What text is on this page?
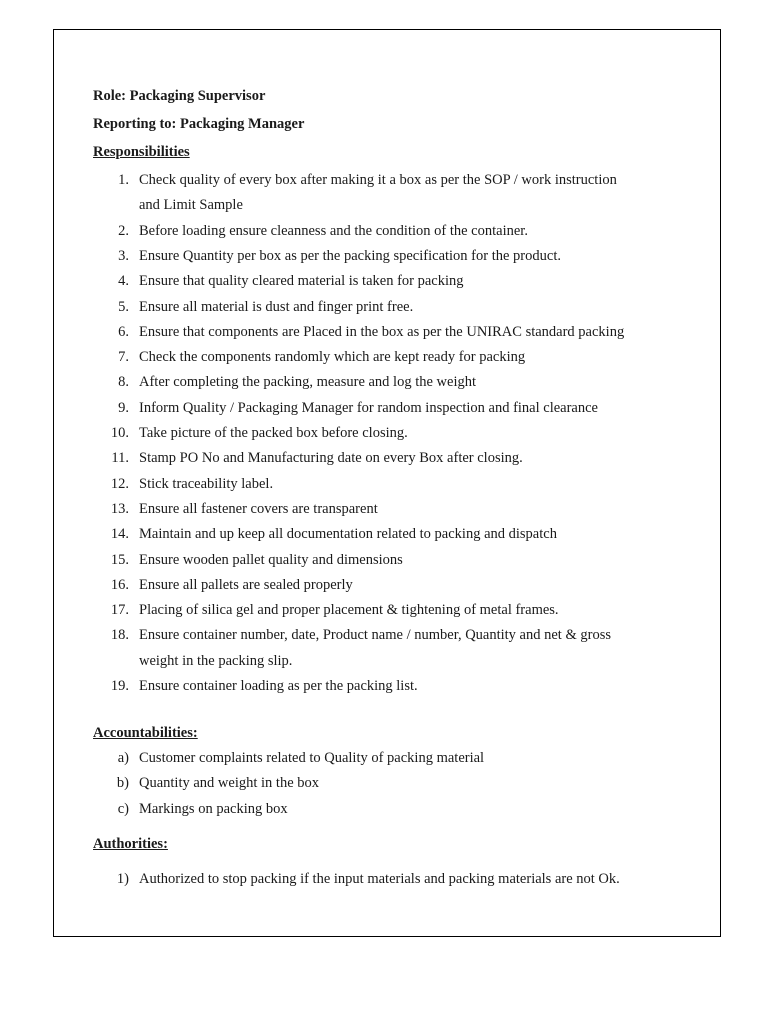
Role: Packaging Supervisor
Reporting to: Packaging Manager
Responsibilities
1. Check quality of every box after making it a box as per the SOP / work instruction
and Limit Sample
2. Before loading ensure cleanness and the condition of the container.
3. Ensure Quantity per box as per the packing specification for the product.
4. Ensure that quality cleared material is taken for packing
5. Ensure all material is dust and finger print free.
6. Ensure that components are Placed in the box as per the UNIRAC standard packing
7. Check the components randomly which are kept ready for packing
8. After completing the packing, measure and log the weight
9. Inform Quality / Packaging Manager for random inspection and final clearance
10. Take picture of the packed box before closing.
11. Stamp PO No and Manufacturing date on every Box after closing.
12. Stick traceability label.
13. Ensure all fastener covers are transparent
14. Maintain and up keep all documentation related to packing and dispatch
15. Ensure wooden pallet quality and dimensions
16. Ensure all pallets are sealed properly
17. Placing of silica gel and proper placement & tightening of metal frames.
18. Ensure container number, date, Product name / number, Quantity and net & gross
weight in the packing slip.
19. Ensure container loading as per the packing list.
Accountabilities:
a) Customer complaints related to Quality of packing material
b) Quantity and weight in the box
c) Markings on packing box
Authorities:
1) Authorized to stop packing if the input materials and packing materials are not Ok.
